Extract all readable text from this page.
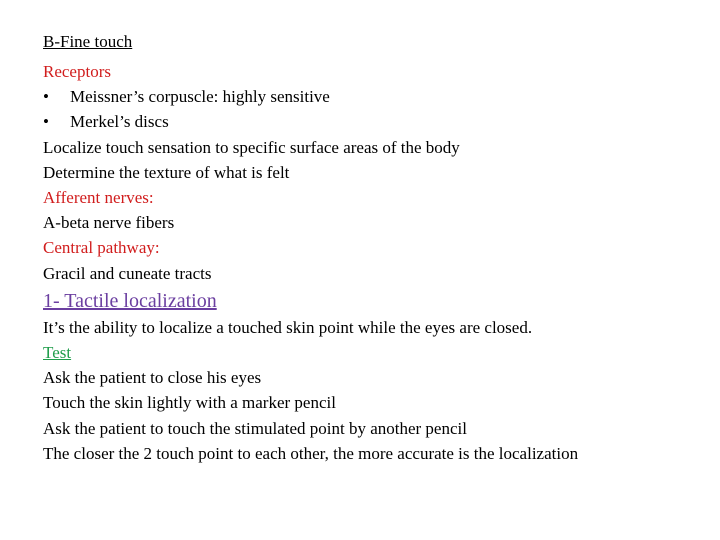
B-Fine touch
Receptors
•	Meissner’s corpuscle: highly sensitive
•	Merkel’s discs
Localize touch sensation to specific surface areas of the body
Determine the texture of what is felt
Afferent nerves:
A-beta nerve fibers
Central pathway:
Gracil and cuneate tracts
1- Tactile localization
It’s the ability to localize a touched skin point while the eyes are closed.
Test
Ask the patient to close his eyes
Touch the skin lightly with a marker pencil
Ask the patient to touch the stimulated point by another pencil
The closer the 2 touch point to each other, the more accurate is the localization
